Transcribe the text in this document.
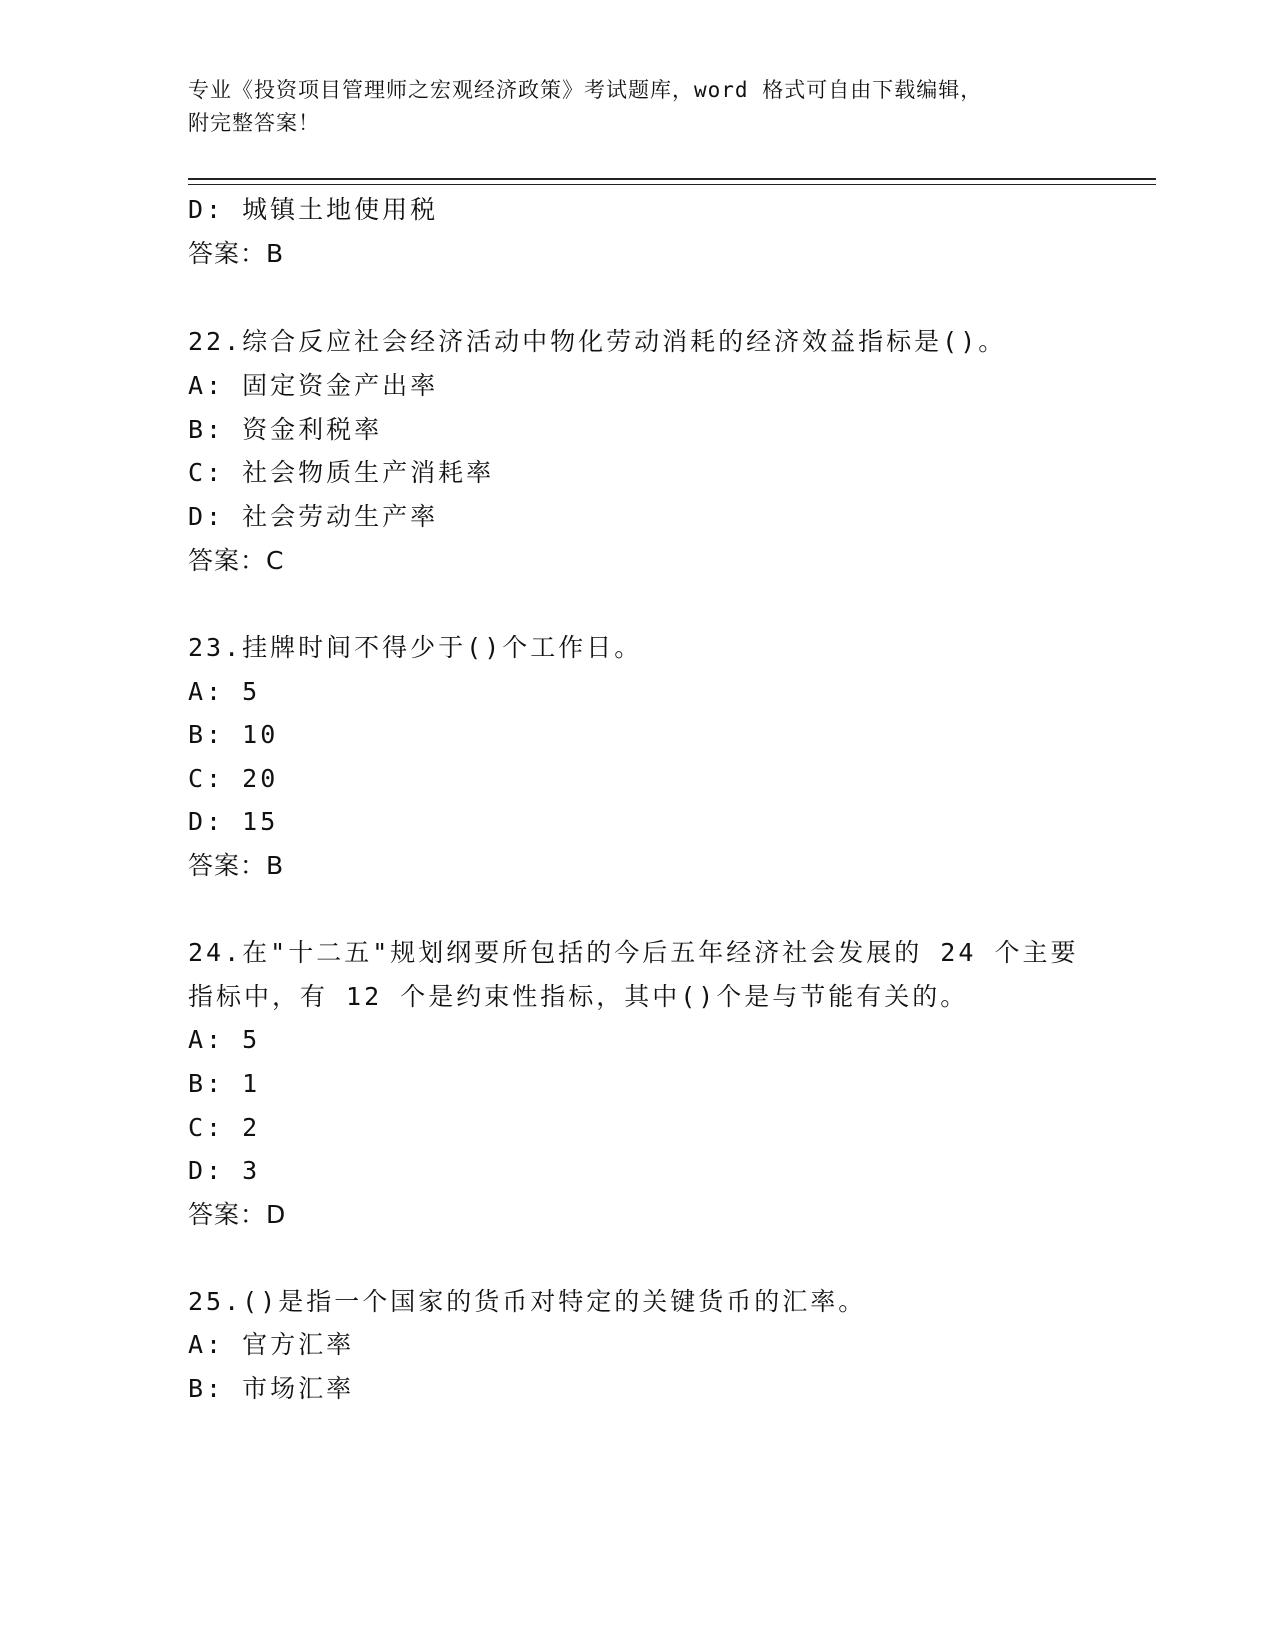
专业《投资项目管理师之宏观经济政策》考试题库，word 格式可自由下载编辑，
附完整答案！
D: 城镇土地使用税
答案：B
22.综合反应社会经济活动中物化劳动消耗的经济效益指标是()。
A: 固定资金产出率
B: 资金利税率
C: 社会物质生产消耗率
D: 社会劳动生产率
答案：C
23.挂牌时间不得少于()个工作日。
A: 5
B: 10
C: 20
D: 15
答案：B
24.在"十二五"规划纲要所包括的今后五年经济社会发展的 24 个主要
指标中，有 12 个是约束性指标，其中()个是与节能有关的。
A: 5
B: 1
C: 2
D: 3
答案：D
25.()是指一个国家的货币对特定的关键货币的汇率。
A: 官方汇率
B: 市场汇率
